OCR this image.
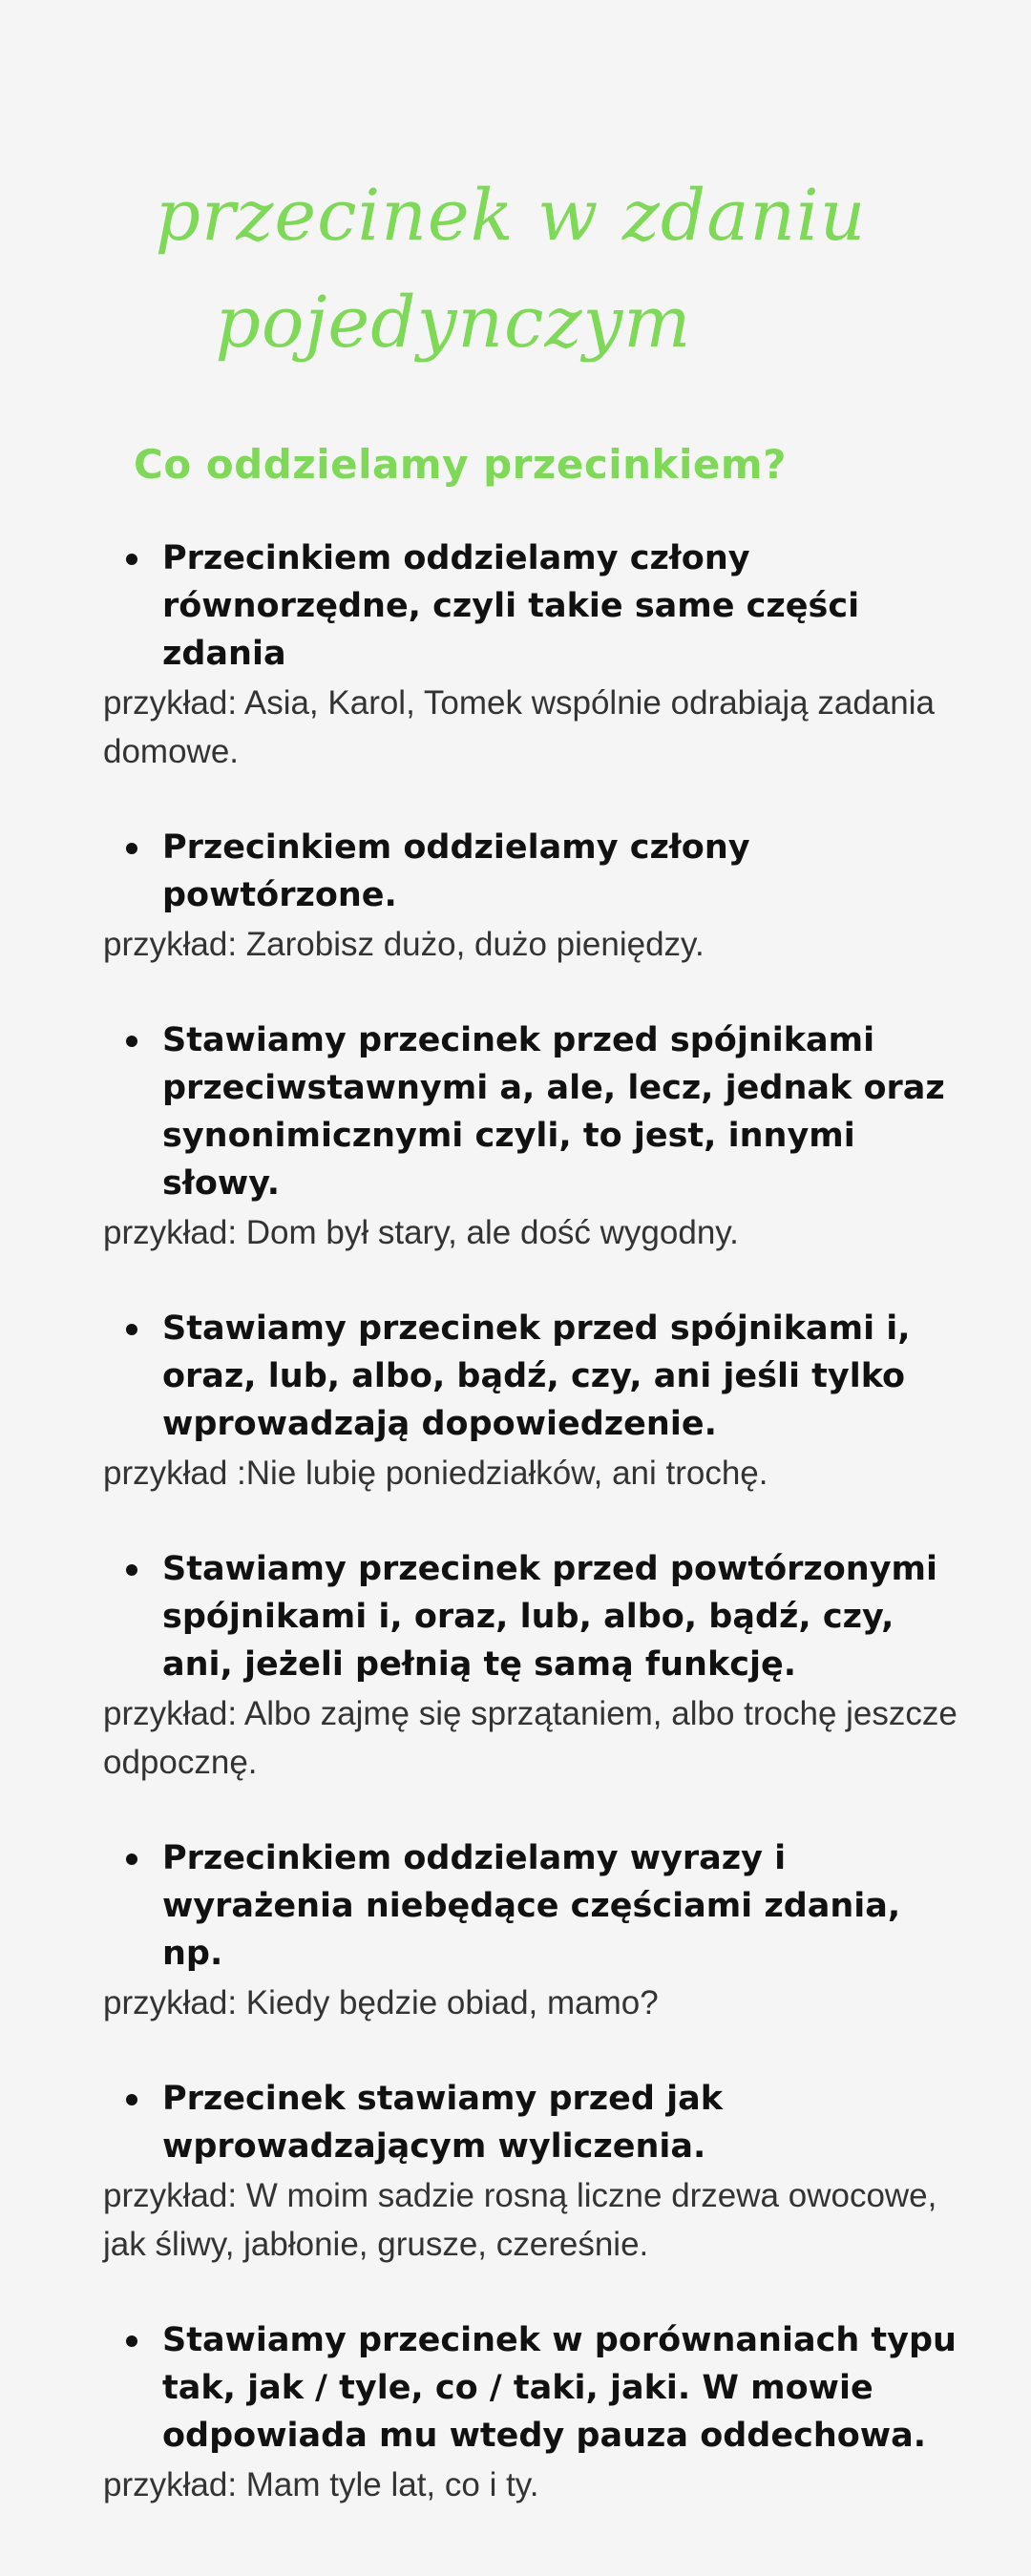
przecinek w zdaniu
pojedynczym
Co oddzielamy przecinkiem?
Przecinkiem oddzielamy człony równorzędne, czyli takie same części zdania
przykład: Asia, Karol, Tomek wspólnie odrabiają zadania domowe.
Przecinkiem oddzielamy człony powtórzone.
przykład: Zarobisz dużo, dużo pieniędzy.
Stawiamy przecinek przed spójnikami przeciwstawnymi a, ale, lecz, jednak oraz synonimicznymi czyli, to jest, innymi słowy.
przykład: Dom był stary, ale dość wygodny.
Stawiamy przecinek przed spójnikami i, oraz, lub, albo, bądź, czy, ani jeśli tylko wprowadzają dopowiedzenie.
przykład :Nie lubię poniedziałków, ani trochę.
Stawiamy przecinek przed powtórzonymi spójnikami i, oraz, lub, albo, bądź, czy, ani, jeżeli pełnią tę samą funkcję.
przykład: Albo zajmę się sprzątaniem, albo trochę jeszcze odpocznę.
Przecinkiem oddzielamy wyrazy i wyrażenia niebędące częściami zdania, np.
przykład: Kiedy będzie obiad, mamo?
Przecinek stawiamy przed jak wprowadzającym wyliczenia.
przykład: W moim sadzie rosną liczne drzewa owocowe, jak śliwy, jabłonie, grusze, czereśnie.
Stawiamy przecinek w porównaniach typu tak, jak / tyle, co / taki, jaki. W mowie odpowiada mu wtedy pauza oddechowa.
przykład: Mam tyle lat, co i ty.
